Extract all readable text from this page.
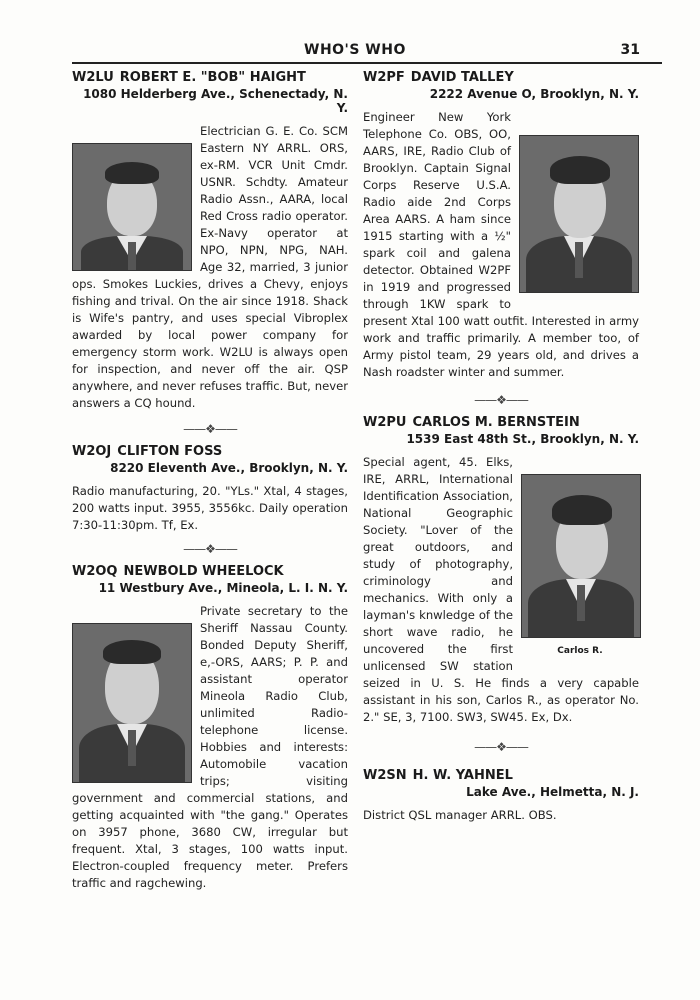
WHO'S WHO	31

W2LU ROBERT E. "BOB" HAIGHT

1080 Helderberg Ave., Schenectady, N. Y.

Electrician G. E. Co. SCM Eastern NY ARRL. ORS, ex-RM. VCR Unit Cmdr. USNR. Schdty. Amateur Radio Assn., AARA, local Red Cross radio operator. Ex-Navy operator at NPO, NPN, NPG, NAH. Age 32, married, 3 junior ops. Smokes Luckies, drives a Chevy, enjoys fishing and trival. On the air since 1918. Shack is Wife's pantry, and uses special Vibroplex awarded by local power company for emergency storm work. W2LU is always open for inspection, and never off the air. QSP anywhere, and never refuses traffic. But, never answers a CQ hound.

——❖——

W2OJ CLIFTON FOSS

8220 Eleventh Ave., Brooklyn, N. Y.

Radio manufacturing, 20. "YLs." Xtal, 4 stages, 200 watts input. 3955, 3556kc. Daily operation 7:30-11:30pm. Tf, Ex.

——❖——

W2OQ NEWBOLD WHEELOCK

11 Westbury Ave., Mineola, L. I. N. Y.

Private secretary to the Sheriff Nassau County. Bonded Deputy Sheriff, e,-ORS, AARS; P. P. and assistant operator Mineola Radio Club, unlimited Radio-telephone license. Hobbies and interests: Automobile vacation trips; visiting government and commercial stations, and getting acquainted with "the gang." Operates on 3957 phone, 3680 CW, irregular but frequent. Xtal, 3 stages, 100 watts input. Electron-coupled frequency meter. Prefers traffic and ragchewing.

W2PF DAVID TALLEY

2222 Avenue O, Brooklyn, N. Y.

Engineer New York Telephone Co. OBS, OO, AARS, IRE, Radio Club of Brooklyn. Captain Signal Corps Reserve U.S.A. Radio aide 2nd Corps Area AARS. A ham since 1915 starting with a ½" spark coil and galena detector. Obtained W2PF in 1919 and progressed through 1KW spark to present Xtal 100 watt outfit. Interested in army work and traffic primarily. A member too, of Army pistol team, 29 years old, and drives a Nash roadster winter and summer.

——❖——

W2PU CARLOS M. BERNSTEIN

1539 East 48th St., Brooklyn, N. Y.

Carlos R.

Special agent, 45. Elks, IRE, ARRL, International Identification Association, National Geographic Society. "Lover of the great outdoors, and study of photography, criminology and mechanics. With only a layman's knwledge of the short wave radio, he uncovered the first unlicensed SW station seized in U. S. He finds a very capable assistant in his son, Carlos R., as operator No. 2." SE, 3, 7100. SW3, SW45. Ex, Dx.

——❖——

W2SN H. W. YAHNEL

Lake Ave., Helmetta, N. J.

District QSL manager ARRL. OBS.
